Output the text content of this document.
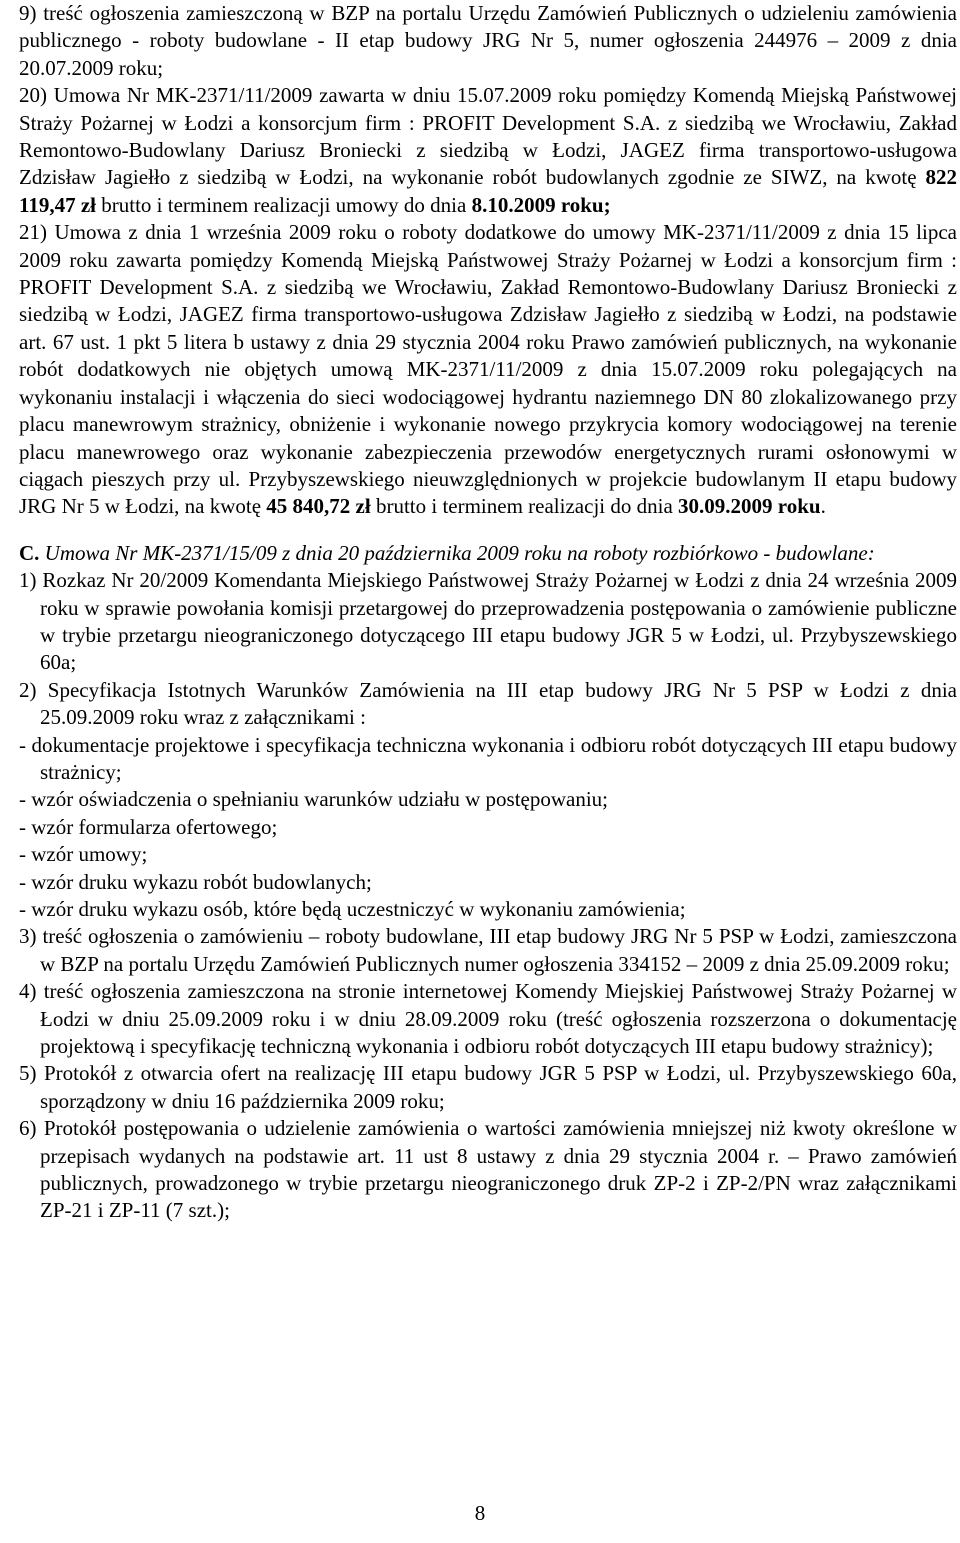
9) treść ogłoszenia zamieszczoną w BZP na portalu Urzędu Zamówień Publicznych o udzieleniu zamówienia publicznego - roboty budowlane - II etap budowy JRG Nr 5, numer ogłoszenia 244976 – 2009 z dnia 20.07.2009 roku;

20) Umowa Nr MK-2371/11/2009 zawarta w dniu 15.07.2009 roku pomiędzy Komendą Miejską Państwowej Straży Pożarnej w Łodzi a konsorcjum firm : PROFIT Development S.A. z siedzibą we Wrocławiu, Zakład Remontowo-Budowlany Dariusz Broniecki z siedzibą w Łodzi, JAGEZ firma transportowo-usługowa Zdzisław Jagiełło z siedzibą w Łodzi, na wykonanie robót budowlanych zgodnie ze SIWZ, na kwotę 822 119,47 zł brutto i terminem realizacji umowy do dnia 8.10.2009 roku;

21) Umowa z dnia 1 września 2009 roku o roboty dodatkowe do umowy MK-2371/11/2009 z dnia 15 lipca 2009 roku zawarta pomiędzy Komendą Miejską Państwowej Straży Pożarnej w Łodzi a konsorcjum firm : PROFIT Development S.A. z siedzibą we Wrocławiu, Zakład Remontowo-Budowlany Dariusz Broniecki z siedzibą w Łodzi, JAGEZ firma transportowo-usługowa Zdzisław Jagiełło z siedzibą w Łodzi, na podstawie art. 67 ust. 1 pkt 5 litera b ustawy z dnia 29 stycznia 2004 roku Prawo zamówień publicznych, na wykonanie robót dodatkowych nie objętych umową MK-2371/11/2009 z dnia 15.07.2009 roku polegających na wykonaniu instalacji i włączenia do sieci wodociągowej hydrantu naziemnego DN 80 zlokalizowanego przy placu manewrowym strażnicy, obniżenie i wykonanie nowego przykrycia komory wodociągowej na terenie placu manewrowego oraz wykonanie zabezpieczenia przewodów energetycznych rurami osłonowymi w ciągach pieszych przy ul. Przybyszewskiego nieuwzględnionych w projekcie budowlanym II etapu budowy JRG Nr 5 w Łodzi, na kwotę 45 840,72 zł brutto i terminem realizacji do dnia 30.09.2009 roku.

C. Umowa Nr MK-2371/15/09 z dnia 20 października 2009 roku na roboty rozbiórkowo - budowlane:

1) Rozkaz Nr 20/2009 Komendanta Miejskiego Państwowej Straży Pożarnej w Łodzi z dnia 24 września 2009 roku w sprawie powołania komisji przetargowej do przeprowadzenia postępowania o zamówienie publiczne w trybie przetargu nieograniczonego dotyczącego III etapu budowy JGR 5 w Łodzi, ul. Przybyszewskiego 60a;

2) Specyfikacja Istotnych Warunków Zamówienia na III etap budowy JRG Nr 5 PSP w Łodzi z dnia 25.09.2009 roku wraz z załącznikami :

- dokumentacje projektowe i specyfikacja techniczna wykonania i odbioru robót dotyczących III etapu budowy strażnicy;

- wzór oświadczenia o spełnianiu warunków udziału w postępowaniu;

- wzór formularza ofertowego;

- wzór umowy;

- wzór druku wykazu robót budowlanych;

- wzór druku wykazu osób, które będą uczestniczyć w wykonaniu zamówienia;

3) treść ogłoszenia o zamówieniu – roboty budowlane, III etap budowy JRG Nr 5 PSP w Łodzi, zamieszczona w BZP na portalu Urzędu Zamówień Publicznych numer ogłoszenia 334152 – 2009 z dnia 25.09.2009 roku;

4) treść ogłoszenia zamieszczona na stronie internetowej Komendy Miejskiej Państwowej Straży Pożarnej w Łodzi w dniu 25.09.2009 roku i w dniu 28.09.2009 roku (treść ogłoszenia rozszerzona o dokumentację projektową i specyfikację techniczną wykonania i odbioru robót dotyczących III etapu budowy strażnicy);

5) Protokół z otwarcia ofert na realizację III etapu budowy JGR 5 PSP w Łodzi, ul. Przybyszewskiego 60a, sporządzony w dniu 16 października 2009 roku;

6) Protokół postępowania o udzielenie zamówienia o wartości zamówienia mniejszej niż kwoty określone w przepisach wydanych na podstawie art. 11 ust 8 ustawy z dnia 29 stycznia 2004 r. – Prawo zamówień publicznych, prowadzonego w trybie przetargu nieograniczonego druk ZP-2 i ZP-2/PN wraz załącznikami ZP-21 i ZP-11 (7 szt.);

8
